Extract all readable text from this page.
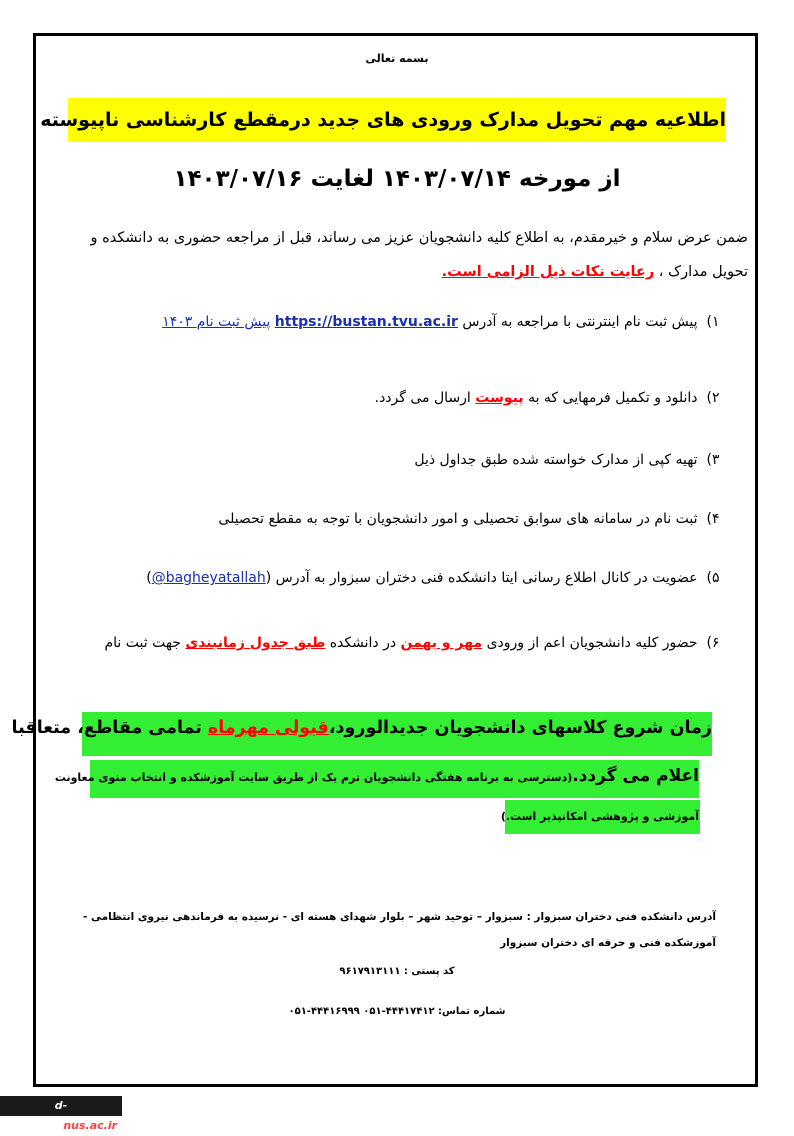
بسمه تعالی
اطلاعیه مهم تحویل مدارک ورودی های جدید درمقطع کارشناسی ناپیوسته
از مورخه ۱۴۰۳/۰۷/۱۴ لغایت ۱۴۰۳/۰۷/۱۶
ضمن عرض سلام و خیرمقدم، به اطلاع کلیه دانشجویان عزیز می رساند، قبل از مراجعه حضوری به دانشکده و
تحویل مدارک ، رعایت نکات ذیل الزامی است.
۱) پیش ثبت نام اینترنتی با مراجعه به آدرس https://bustan.tvu.ac.ir پیش ثبت نام ۱۴۰۳
۲) دانلود و تکمیل فرمهایی که به پیوست ارسال می گردد.
۳) تهیه کپی از مدارک خواسته شده طبق جداول ذیل
۴) ثبت نام در سامانه های سوابق تحصیلی و امور دانشجویان با توجه به مقطع تحصیلی
۵) عضویت در کانال اطلاع رسانی ایتا دانشکده فنی دختران سبزوار به آدرس (@bagheyatallah)
۶) حضور کلیه دانشجویان اعم از ورودی مهر و بهمن در دانشکده طبق جدول زمانبندی جهت ثبت نام
زمان شروع کلاسهای دانشجویان جدیدالورود،قبولی مهرماه تمامی مقاطع، متعاقبا
اعلام می گردد.(دسترسی به برنامه هفتگی دانشجویان ترم یک از طریق سایت آموزشکده و انتخاب منوی معاونت
آموزشی و پژوهشی امکانپذیر است.)
آدرس دانشکده فنی دختران سبزوار : سبزوار – توحید شهر – بلوار شهدای هسته ای - نرسیده به فرماندهی نیروی انتظامی - آموزشکده فنی و حرفه ای دختران سبزوار
کد پستی : ۹۶۱۷۹۱۳۱۱۱
شماره تماس: ۴۴۴۱۷۴۱۲-۰۵۱ ۴۴۴۱۶۹۹۹-۰۵۱
d-sabzevar.nus.ac.ir
